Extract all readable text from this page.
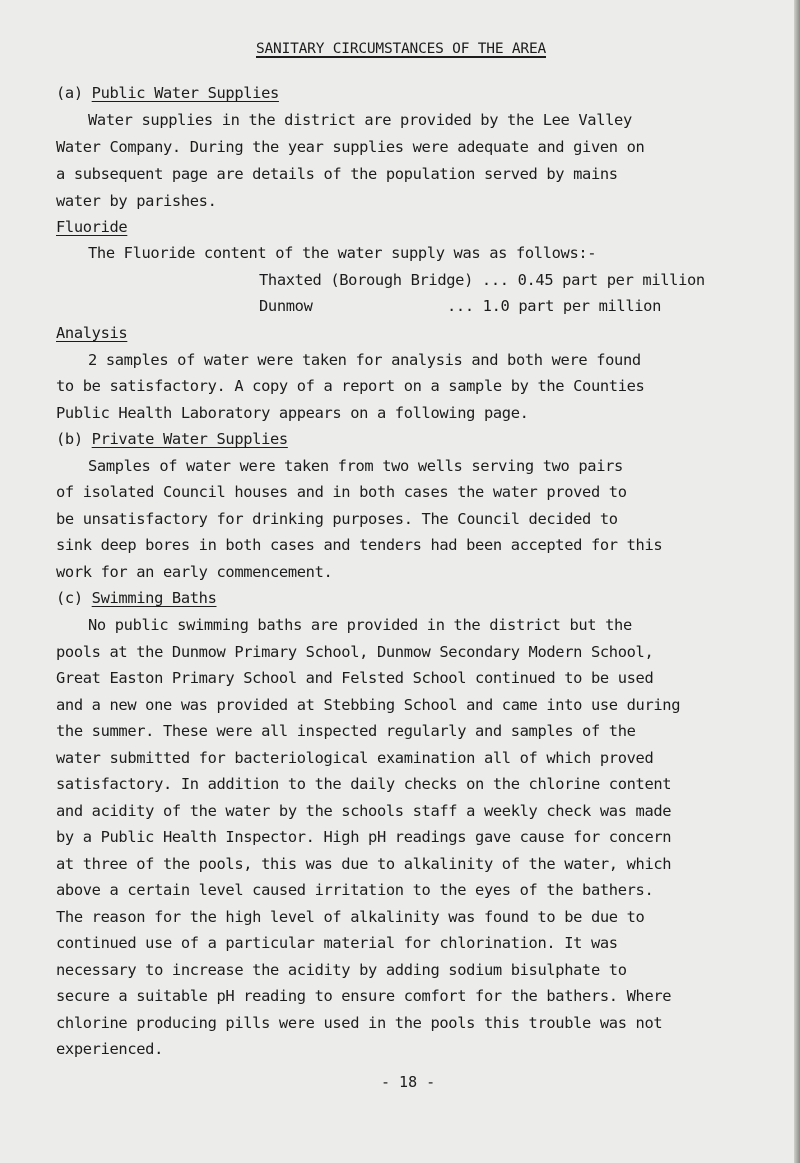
SANITARY CIRCUMSTANCES OF THE AREA
(a) Public Water Supplies
Water supplies in the district are provided by the Lee Valley
Water Company. During the year supplies were adequate and given on
a subsequent page are details of the population served by mains
water by parishes.
Fluoride
The Fluoride content of the water supply was as follows:-
Thaxted (Borough Bridge) ... 0.45 part per million
Dunmow	... 1.0 part per million
Analysis
2 samples of water were taken for analysis and both were found
to be satisfactory. A copy of a report on a sample by the Counties
Public Health Laboratory appears on a following page.
(b) Private Water Supplies
Samples of water were taken from two wells serving two pairs
of isolated Council houses and in both cases the water proved to
be unsatisfactory for drinking purposes. The Council decided to
sink deep bores in both cases and tenders had been accepted for this
work for an early commencement.
(c) Swimming Baths
No public swimming baths are provided in the district but the
pools at the Dunmow Primary School, Dunmow Secondary Modern School,
Great Easton Primary School and Felsted School continued to be used
and a new one was provided at Stebbing School and came into use during
the summer. These were all inspected regularly and samples of the
water submitted for bacteriological examination all of which proved
satisfactory. In addition to the daily checks on the chlorine content
and acidity of the water by the schools staff a weekly check was made
by a Public Health Inspector. High pH readings gave cause for concern
at three of the pools, this was due to alkalinity of the water, which
above a certain level caused irritation to the eyes of the bathers.
The reason for the high level of alkalinity was found to be due to
continued use of a particular material for chlorination. It was
necessary to increase the acidity by adding sodium bisulphate to
secure a suitable pH reading to ensure comfort for the bathers. Where
chlorine producing pills were used in the pools this trouble was not
experienced.
- 18 -
